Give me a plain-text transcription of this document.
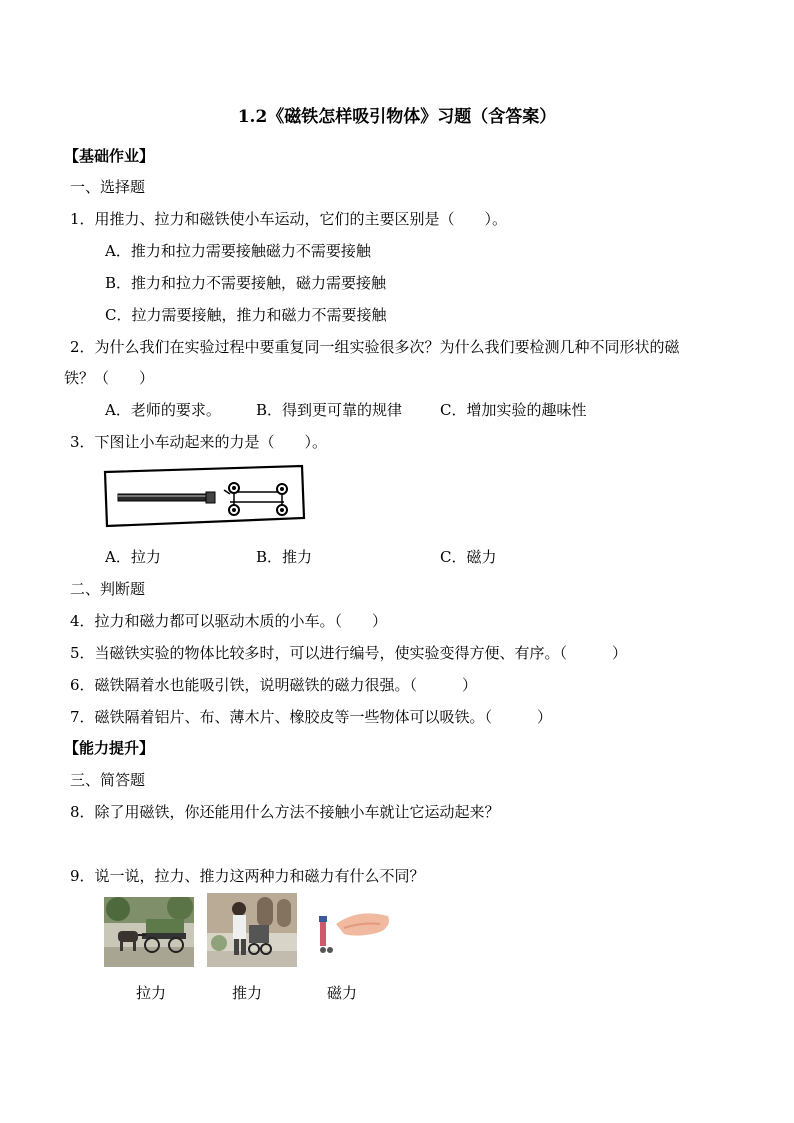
1.2《磁铁怎样吸引物体》习题（含答案）
【基础作业】
一、选择题
1．用推力、拉力和磁铁使小车运动，它们的主要区别是（　　）。
A．推力和拉力需要接触磁力不需要接触
B．推力和拉力不需要接触，磁力需要接触
C．拉力需要接触，推力和磁力不需要接触
2．为什么我们在实验过程中要重复同一组实验很多次？为什么我们要检测几种不同形状的磁
铁？（　　）
A．老师的要求。 B．得到更可靠的规律	C．增加实验的趣味性
3．下图让小车动起来的力是（　　）。
A．拉力	B．推力	C．磁力
二、判断题
4．拉力和磁力都可以驱动木质的小车。（　　）
5．当磁铁实验的物体比较多时，可以进行编号，使实验变得方便、有序。（　　　）
6．磁铁隔着水也能吸引铁，说明磁铁的磁力很强。（　　　）
7．磁铁隔着铝片、布、薄木片、橡胶皮等一些物体可以吸铁。（　　　）
【能力提升】
三、简答题
8．除了用磁铁，你还能用什么方法不接触小车就让它运动起来？
9．说一说，拉力、推力这两种力和磁力有什么不同？
拉力	推力	磁力
